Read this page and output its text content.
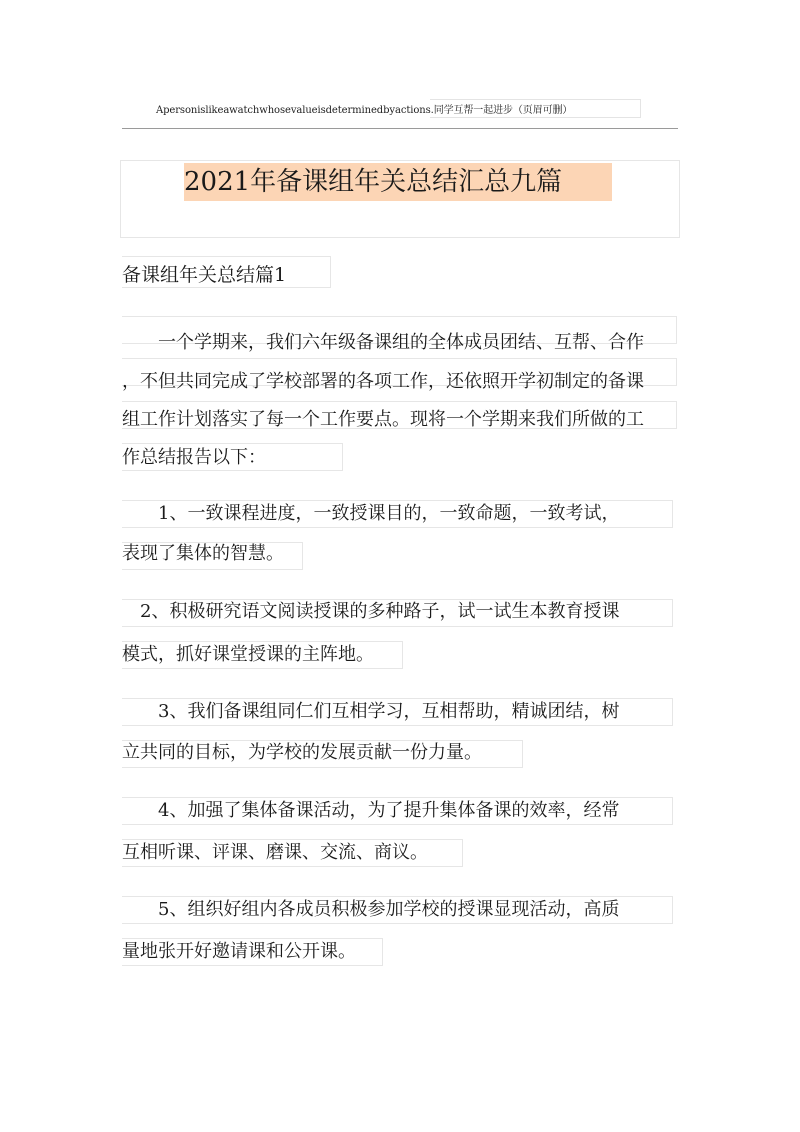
Apersonislikeawatchwhosevalueisdeterminedbyactions.同学互帮一起进步（页眉可删）
2021年备课组年关总结汇总九篇
备课组年关总结篇1
　　一个学期来，我们六年级备课组的全体成员团结、互帮、合作
，不但共同完成了学校部署的各项工作，还依照开学初制定的备课
组工作计划落实了每一个工作要点。现将一个学期来我们所做的工
作总结报告以下：
　　1、一致课程进度，一致授课目的，一致命题，一致考试，
表现了集体的智慧。
　2、积极研究语文阅读授课的多种路子，试一试生本教育授课
模式，抓好课堂授课的主阵地。
　　3、我们备课组同仁们互相学习，互相帮助，精诚团结，树
立共同的目标，为学校的发展贡献一份力量。
　　4、加强了集体备课活动，为了提升集体备课的效率，经常
互相听课、评课、磨课、交流、商议。
　　5、组织好组内各成员积极参加学校的授课显现活动，高质
量地张开好邀请课和公开课。
